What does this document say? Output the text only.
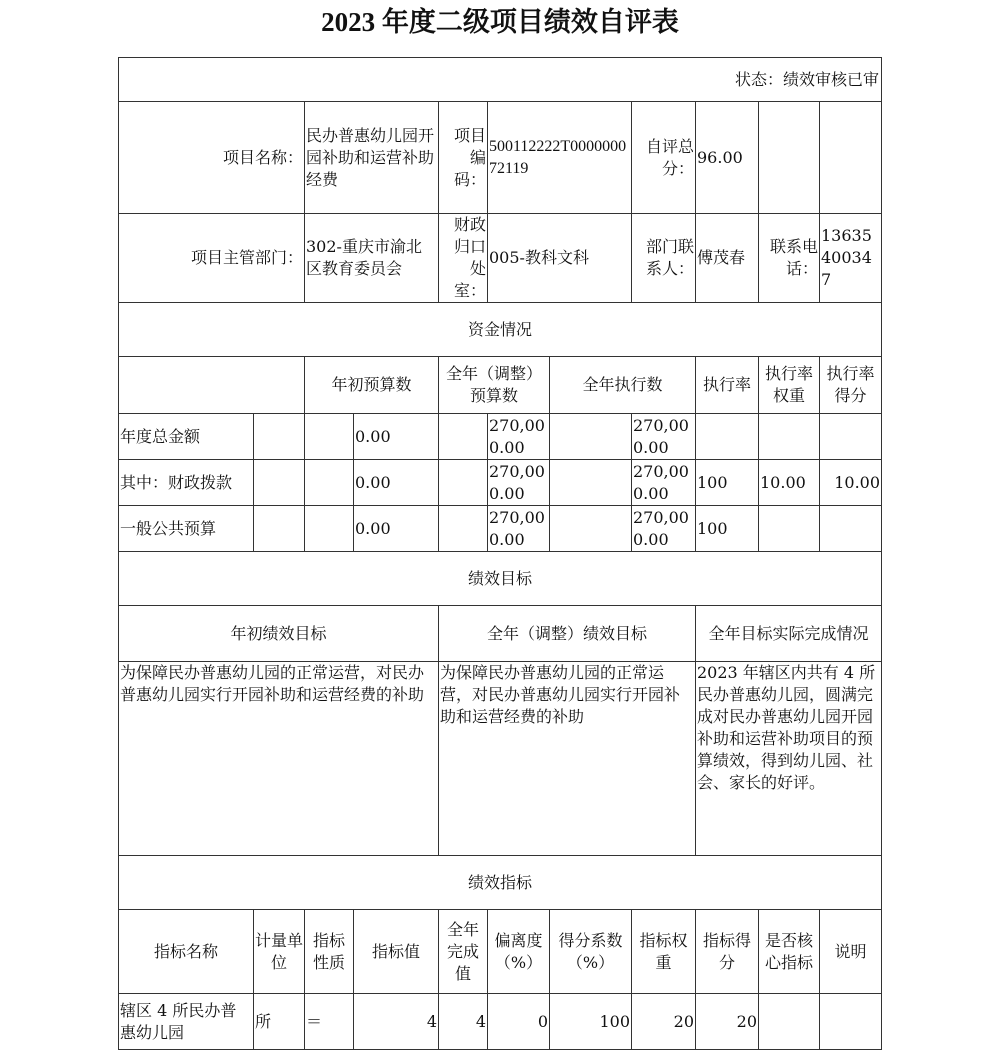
2023 年度二级项目绩效自评表
状态：绩效审核已审										
项目名称：		民办普惠幼儿园开园补助和运营补助经费		项目编码：	500112222T000000072119		自评总分：	96.00		
项目主管部门：		302-重庆市渝北区教育委员会		财政归口处室：	005-教科文科		部门联系人：	傅茂春	联系电话：	13635400347
资金情况										
		年初预算数		全年（调整）预算数		全年执行数		执行率	执行率权重	执行率得分
年度总金额			0.00		270,000.00		270,000.00			
其中：财政拨款			0.00		270,000.00		270,000.00	100	10.00	10.00
一般公共预算			0.00		270,000.00		270,000.00	100		
绩效目标										
年初绩效目标				全年（调整）绩效目标				全年目标实际完成情况		
为保障民办普惠幼儿园的正常运营，对民办普惠幼儿园实行开园补助和运营经费的补助				为保障民办普惠幼儿园的正常运营，对民办普惠幼儿园实行开园补助和运营经费的补助				2023 年辖区内共有 4 所民办普惠幼儿园，圆满完成对民办普惠幼儿园开园补助和运营补助项目的预算绩效，得到幼儿园、社会、家长的好评。		
绩效指标										
指标名称	计量单位	指标性质	指标值	全年完成值	偏离度（%）	得分系数（%）	指标权重	指标得分	是否核心指标	说明
辖区 4 所民办普惠幼儿园	所	＝	4	4	0	100	20	20		
